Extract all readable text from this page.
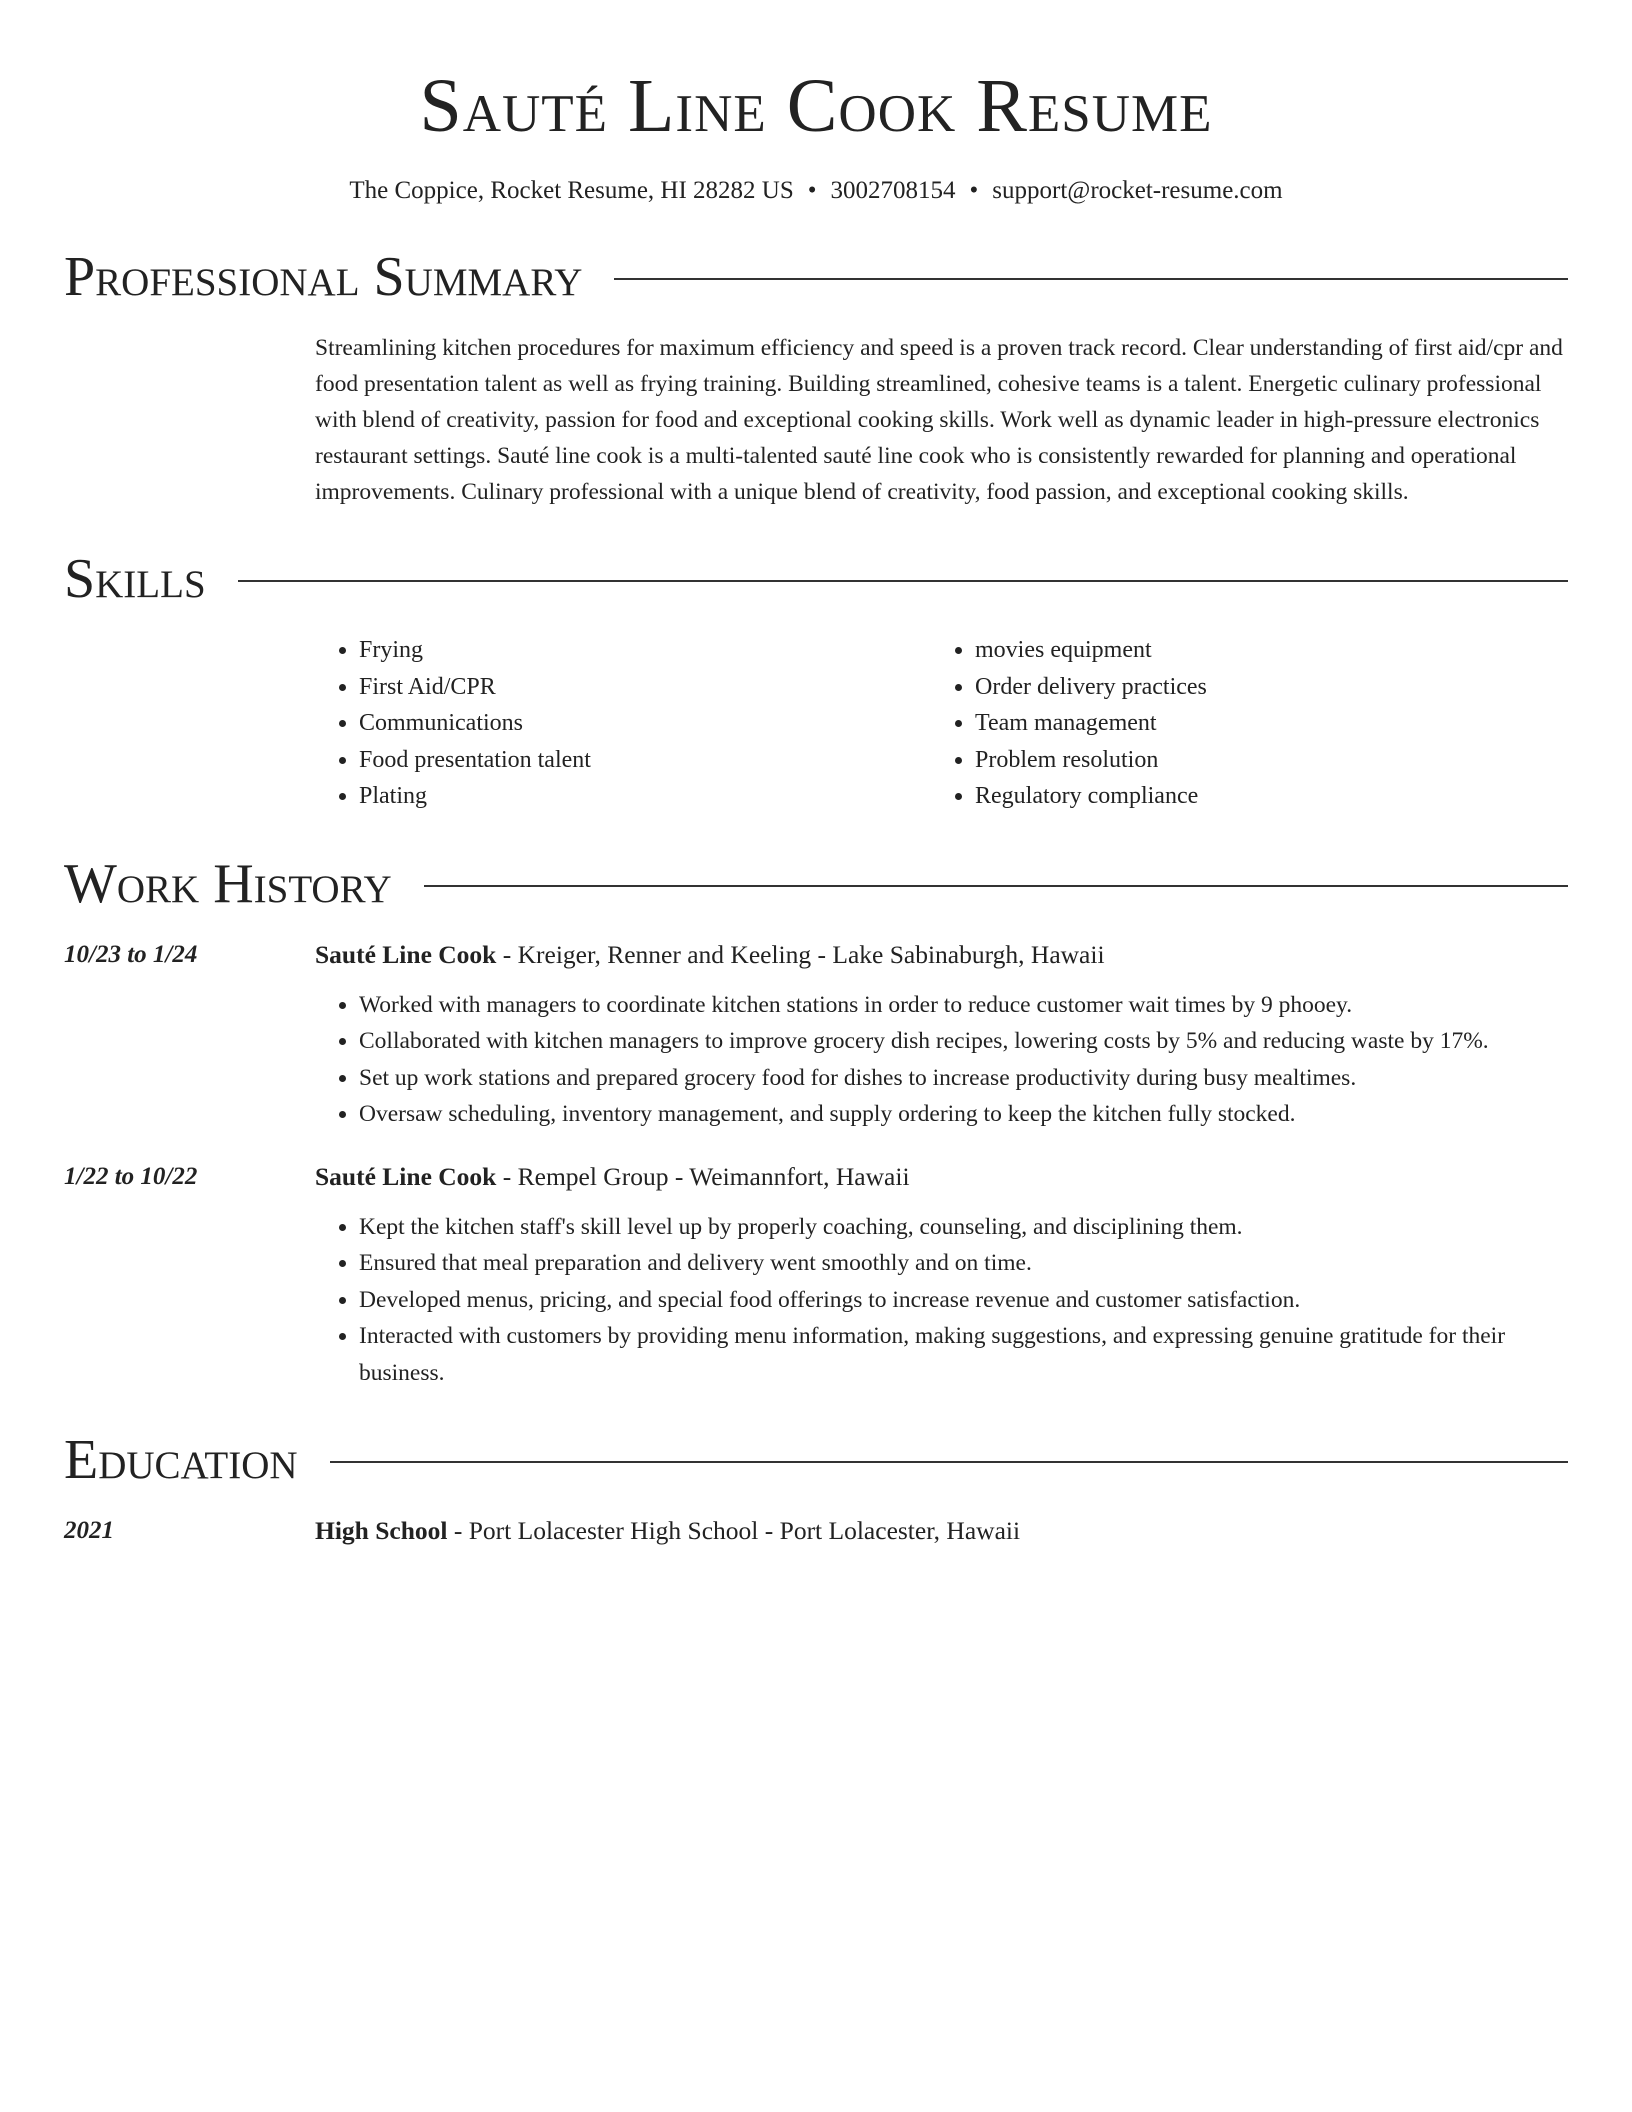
Sauté Line Cook Resume
The Coppice, Rocket Resume, HI 28282 US • 3002708154 • support@rocket-resume.com
Professional Summary
Streamlining kitchen procedures for maximum efficiency and speed is a proven track record. Clear understanding of first aid/cpr and food presentation talent as well as frying training. Building streamlined, cohesive teams is a talent. Energetic culinary professional with blend of creativity, passion for food and exceptional cooking skills. Work well as dynamic leader in high-pressure electronics restaurant settings. Sauté line cook is a multi-talented sauté line cook who is consistently rewarded for planning and operational improvements. Culinary professional with a unique blend of creativity, food passion, and exceptional cooking skills.
Skills
• Frying
• First Aid/CPR
• Communications
• Food presentation talent
• Plating
• movies equipment
• Order delivery practices
• Team management
• Problem resolution
• Regulatory compliance
Work History
10/23 to 1/24	Sauté Line Cook - Kreiger, Renner and Keeling - Lake Sabinaburgh, Hawaii
• Worked with managers to coordinate kitchen stations in order to reduce customer wait times by 9 phooey.
• Collaborated with kitchen managers to improve grocery dish recipes, lowering costs by 5% and reducing waste by 17%.
• Set up work stations and prepared grocery food for dishes to increase productivity during busy mealtimes.
• Oversaw scheduling, inventory management, and supply ordering to keep the kitchen fully stocked.
1/22 to 10/22	Sauté Line Cook - Rempel Group - Weimannfort, Hawaii
• Kept the kitchen staff's skill level up by properly coaching, counseling, and disciplining them.
• Ensured that meal preparation and delivery went smoothly and on time.
• Developed menus, pricing, and special food offerings to increase revenue and customer satisfaction.
• Interacted with customers by providing menu information, making suggestions, and expressing genuine gratitude for their business.
Education
2021	High School - Port Lolacester High School - Port Lolacester, Hawaii
